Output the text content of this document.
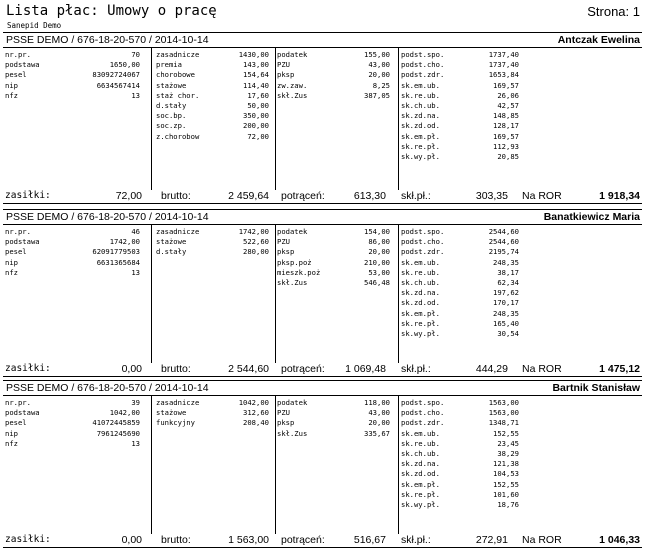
Lista płac: Umowy o pracę	Strona: 1
Sanepid Demo
PSSE DEMO / 676-18-20-570 / 2014-10-14	Antczak Ewelina
nr.pr.	70
podstawa	1650,00
pesel	83092724067
nip	6634567414
nfz	13
zasadnicze	1430,00
premia	143,00
chorobowe	154,64
stażowe	114,40
staż chor.	17,60
d.stały	50,00
soc.bp.	350,00
soc.zp.	200,00
z.chorobow	72,00
podatek	155,00
PZU	43,00
pksp	20,00
zw.zaw.	8,25
skł.Zus	387,05
podst.spo.	1737,40
podst.cho.	1737,40
podst.zdr.	1653,84
sk.em.ub.	169,57
sk.re.ub.	26,06
sk.ch.ub.	42,57
sk.zd.na.	148,85
sk.zd.od.	128,17
sk.em.pł.	169,57
sk.re.pł.	112,93
sk.wy.pł.	20,85
zasiłki:	72,00 brutto:	2 459,64 potrąceń:	613,30 skł.pł.:	303,35 Na ROR	1 918,34
PSSE DEMO / 676-18-20-570 / 2014-10-14	Banatkiewicz Maria
nr.pr.	46
podstawa	1742,00
pesel	62091779503
nip	6631365684
nfz	13
zasadnicze	1742,00
stażowe	522,60
d.stały	280,00
podatek	154,00
PZU	86,00
pksp	20,00
pksp.poż	210,00
mieszk.poż	53,00
skł.Zus	546,48
podst.spo.	2544,60
podst.cho.	2544,60
podst.zdr.	2195,74
sk.em.ub.	248,35
sk.re.ub.	38,17
sk.ch.ub.	62,34
sk.zd.na.	197,62
sk.zd.od.	170,17
sk.em.pł.	248,35
sk.re.pł.	165,40
sk.wy.pł.	30,54
zasiłki:	0,00 brutto:	2 544,60 potrąceń: 1 069,48 skł.pł.:	444,29 Na ROR	1 475,12
PSSE DEMO / 676-18-20-570 / 2014-10-14	Bartnik Stanisław
nr.pr.	39
podstawa	1042,00
pesel	41072445859
nip	7961245690
nfz	13
zasadnicze	1042,00
stażowe	312,60
funkcyjny	208,40
podatek	118,00
PZU	43,00
pksp	20,00
skł.Zus	335,67
podst.spo.	1563,00
podst.cho.	1563,00
podst.zdr.	1348,71
sk.em.ub.	152,55
sk.re.ub.	23,45
sk.ch.ub.	38,29
sk.zd.na.	121,38
sk.zd.od.	104,53
sk.em.pł.	152,55
sk.re.pł.	101,60
sk.wy.pł.	18,76
zasiłki:	0,00 brutto:	1 563,00 potrąceń:	516,67 skł.pł.:	272,91 Na ROR	1 046,33
